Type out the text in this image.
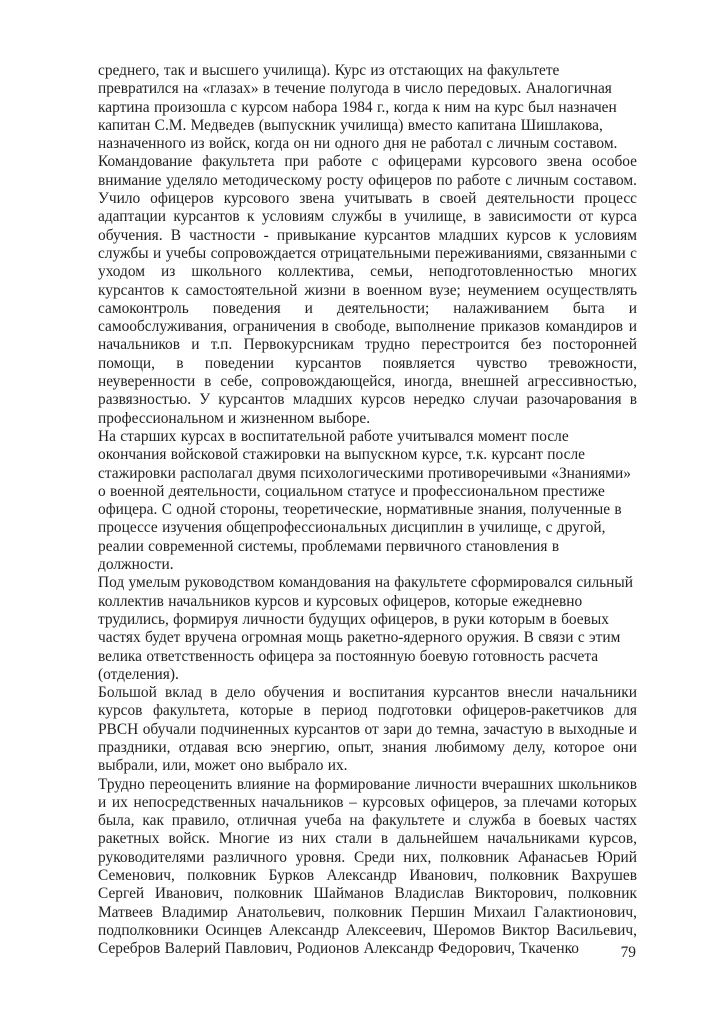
среднего, так и высшего училища). Курс из отстающих на факультете превратился на «глазах» в течение полугода в число передовых. Аналогичная картина произошла с курсом набора 1984 г., когда к ним на курс был назначен капитан С.М. Медведев (выпускник училища) вместо капитана Шишлакова, назначенного из войск, когда он ни одного дня не работал с личным составом.

Командование факультета при работе с офицерами курсового звена особое внимание уделяло методическому росту офицеров по работе с личным составом. Учило офицеров курсового звена учитывать в своей деятельности процесс адаптации курсантов к условиям службы в училище, в зависимости от курса обучения. В частности - привыкание курсантов младших курсов к условиям службы и учебы сопровождается отрицательными переживаниями, связанными с уходом из школьного коллектива, семьи, неподготовленностью многих курсантов к самостоятельной жизни в военном вузе; неумением осуществлять самоконтроль поведения и деятельности; налаживанием быта и самообслуживания, ограничения в свободе, выполнение приказов командиров и начальников и т.п. Первокурсникам трудно перестроится без посторонней помощи, в поведении курсантов появляется чувство тревожности, неуверенности в себе, сопровождающейся, иногда, внешней агрессивностью, развязностью. У курсантов младших курсов нередко случаи разочарования в профессиональном и жизненном выборе.

На старших курсах в воспитательной работе учитывался момент после окончания войсковой стажировки на выпускном курсе, т.к. курсант после стажировки располагал двумя психологическими противоречивыми «Знаниями» о военной деятельности, социальном статусе и профессиональном престиже офицера. С одной стороны, теоретические, нормативные знания, полученные в процессе изучения общепрофессиональных дисциплин в училище, с другой, реалии современной системы, проблемами первичного становления в должности.

Под умелым руководством командования на факультете сформировался сильный коллектив начальников курсов и курсовых офицеров, которые ежедневно трудились, формируя личности будущих офицеров, в руки которым в боевых частях будет вручена огромная мощь ракетно-ядерного оружия. В связи с этим велика ответственность офицера за постоянную боевую готовность расчета (отделения).

Большой вклад в дело обучения и воспитания курсантов внесли начальники курсов факультета, которые в период подготовки офицеров-ракетчиков для РВСН обучали подчиненных курсантов от зари до темна, зачастую в выходные и праздники, отдавая всю энергию, опыт, знания любимому делу, которое они выбрали, или, может оно выбрало их.

Трудно переоценить влияние на формирование личности вчерашних школьников и их непосредственных начальников – курсовых офицеров, за плечами которых была, как правило, отличная учеба на факультете и служба в боевых частях ракетных войск. Многие из них стали в дальнейшем начальниками курсов, руководителями различного уровня. Среди них, полковник Афанасьев Юрий Семенович, полковник Бурков Александр Иванович, полковник Вахрушев Сергей Иванович, полковник Шайманов Владислав Викторович, полковник Матвеев Владимир Анатольевич, полковник Першин Михаил Галактионович, подполковники Осинцев Александр Алексеевич, Шеромов Виктор Васильевич, Серебров Валерий Павлович, Родионов Александр Федорович, Ткаченко	79
